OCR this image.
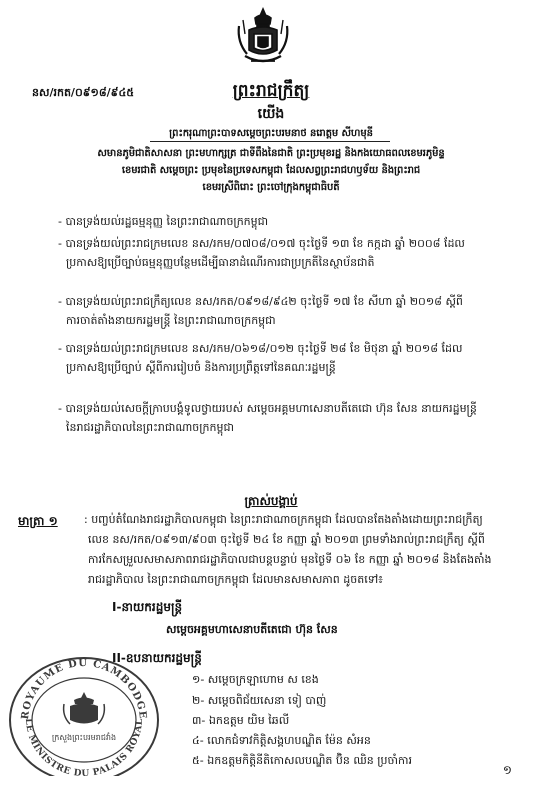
នស/រកត/០៩១៨/៩៤៥	ព្រះរាជក្រឹត្យ
យើង
ព្រះករុណាព្រះបាទសម្ដេចព្រះបរមនាថ នរោត្តម សីហមុនី
សមានភូមិជាតិសាសនា ព្រះមហាក្សត្រ ជាទីពឹងនៃជាតិ ព្រះប្រមុខរដ្ឋ និងកងយោធពលខេមរភូមិន្ទ
ខេមរជាតិ សម្ដេចព្រះ ប្រមុខនៃប្រទេសកម្ពុជា ដែលសព្វព្រះរាជហឫទ័យ និងព្រះរាជ
ខេមរស្រីពិរោះ ព្រះចៅក្រុងកម្ពុជាធិបតី
- បានទ្រង់យល់រដ្ឋធម្មនុញ្ញ នៃព្រះរាជាណាចក្រកម្ពុជា
- បានទ្រង់យល់ព្រះរាជក្រមលេខ នស/រកម/០៧០៨/០១៧ ចុះថ្ងៃទី ១៣ ខែ កក្កដា ឆ្នាំ ២០០៨ ដែល
ប្រកាសឱ្យប្រើច្បាប់ធម្មនុញ្ញបន្ថែមដើម្បីធានាដំណើរការជាប្រក្រតីនៃស្ថាប័នជាតិ
- បានទ្រង់យល់ព្រះរាជក្រឹត្យលេខ នស/រកត/០៩១៨/៩៤២ ចុះថ្ងៃទី ១៧ ខែ សីហា ឆ្នាំ ២០១៨ ស្ដីពី
ការចាត់តាំងនាយករដ្ឋមន្ត្រី នៃព្រះរាជាណាចក្រកម្ពុជា
- បានទ្រង់យល់ព្រះរាជក្រមលេខ នស/រកម/០៦១៨/០១២ ចុះថ្ងៃទី ២៨ ខែ មិថុនា ឆ្នាំ ២០១៨ ដែល
ប្រកាសឱ្យប្រើច្បាប់ ស្ដីពីការរៀបចំ និងការប្រព្រឹត្តទៅនៃគណៈរដ្ឋមន្ត្រី
- បានទ្រង់យល់សេចក្ដីក្រាបបង្គំទូលថ្វាយរបស់ សម្ដេចអគ្គមហាសេនាបតីតេជោ ហ៊ុន សែន នាយករដ្ឋមន្ត្រី
នៃរាជរដ្ឋាភិបាលនៃព្រះរាជាណាចក្រកម្ពុជា
ត្រាស់បង្គាប់
មាត្រា ១ : បញ្ចប់តំណែងរាជរដ្ឋាភិបាលកម្ពុជា នៃព្រះរាជាណាចក្រកម្ពុជា ដែលបានតែងតាំងដោយព្រះរាជក្រឹត្យ
លេខ នស/រកត/០៩១៣/៩០៣ ចុះថ្ងៃទី ២៤ ខែ កញ្ញា ឆ្នាំ ២០១៣ ព្រមទាំងរាល់ព្រះរាជក្រឹត្យ ស្ដីពី
ការកែសម្រួលសមាសភាពរាជរដ្ឋាភិបាលជាបន្តបន្ទាប់ មុនថ្ងៃទី ០៦ ខែ កញ្ញា ឆ្នាំ ២០១៨ និងតែងតាំង
រាជរដ្ឋាភិបាល នៃព្រះរាជាណាចក្រកម្ពុជា ដែលមានសមាសភាព ដូចតទៅ៖
I-នាយករដ្ឋមន្ត្រី
សម្ដេចអគ្គមហាសេនាបតីតេជោ ហ៊ុន សែន
II-ឧបនាយករដ្ឋមន្ត្រី
១- សម្ដេចក្រឡាហោម ស ខេង
២- សម្ដេចពិជ័យសេនា ទៀ បាញ់
៣- ឯកឧត្ដម យិម ឆៃលី
៤- លោកជំទាវកិត្តិសង្គហបណ្ឌិត ម៉ែន សំអន
៥- ឯកឧត្ដមកិត្តិនីតិកោសលបណ្ឌិត ប៊ិន ឈិន ប្រចាំការ
ROYAUME DU CAMBODGE
LE MINISTRE DU PALAIS ROYAL
ក្រសួងព្រះបរមរាជវាំង
១
